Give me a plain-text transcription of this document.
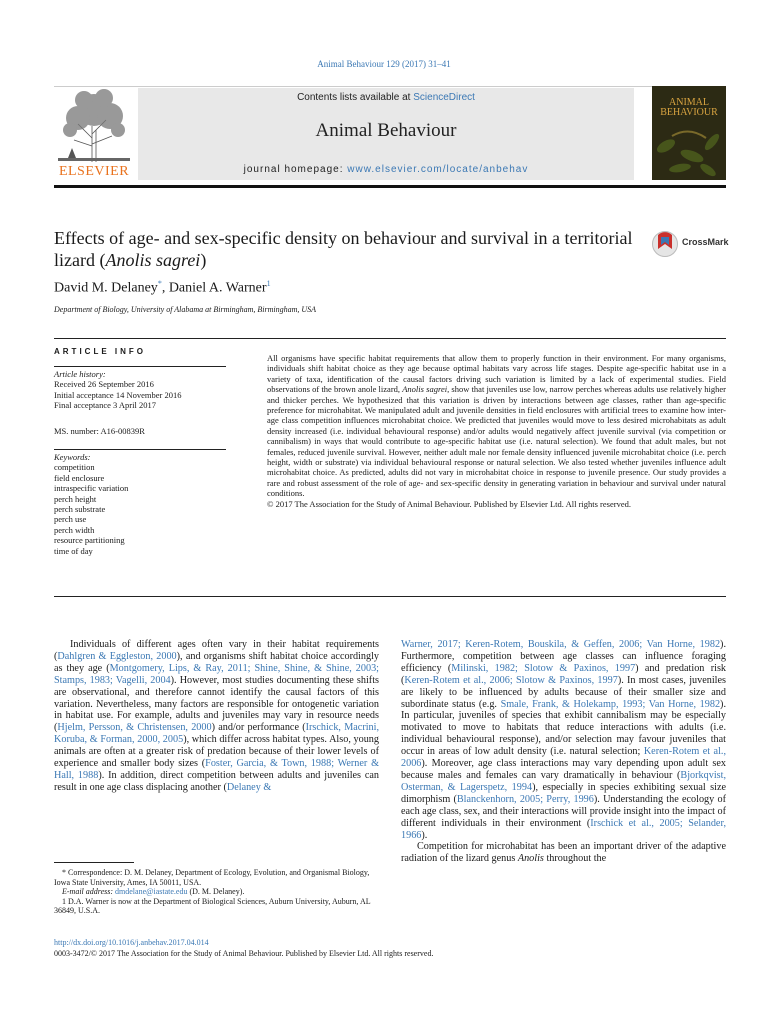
Animal Behaviour 129 (2017) 31–41
ELSEVIER
Contents lists available at ScienceDirect
Animal Behaviour
journal homepage: www.elsevier.com/locate/anbehav
ANIMAL BEHAVIOUR
Effects of age- and sex-specific density on behaviour and survival in a territorial lizard (Anolis sagrei)
CrossMark
David M. Delaney*, Daniel A. Warner$^1$
Department of Biology, University of Alabama at Birmingham, Birmingham, USA
ARTICLE INFO
Article history:
Received 26 September 2016
Initial acceptance 14 November 2016
Final acceptance 3 April 2017
MS. number: A16-00839R
Keywords:
competition
field enclosure
intraspecific variation
perch height
perch substrate
perch use
perch width
resource partitioning
time of day
All organisms have specific habitat requirements that allow them to properly function in their environment. For many organisms, individuals shift habitat choice as they age because optimal habitats vary across life stages. Despite age-specific habitat use in a variety of taxa, identification of the causal factors driving such variation is limited by a lack of experimental studies. Field observations of the brown anole lizard, Anolis sagrei, show that juveniles use low, narrow perches whereas adults use relatively higher and thicker perches. We hypothesized that this variation is driven by interactions between age classes, rather than age-specific preference for microhabitat. We manipulated adult and juvenile densities in field enclosures with artificial trees to examine how inter-age class competition influences microhabitat choice. We predicted that juveniles would move to less desired microhabitats as adult density increased (i.e. individual behavioural response) and/or adults would negatively affect juvenile survival (via competition or cannibalism) in ways that would contribute to age-specific habitat use (i.e. natural selection). We found that adult males, but not females, reduced juvenile survival. However, neither adult male nor female density influenced juvenile microhabitat choice (i.e. perch height, width or substrate) via individual behavioural response or natural selection. We also tested whether juveniles influence adult microhabitat choice. As predicted, adults did not vary in microhabitat choice in response to juvenile presence. Our study provides a rare and robust assessment of the role of age- and sex-specific density in generating variation in behaviour and survival under natural conditions.
© 2017 The Association for the Study of Animal Behaviour. Published by Elsevier Ltd. All rights reserved.

Individuals of different ages often vary in their habitat requirements (Dahlgren & Eggleston, 2000), and organisms shift habitat choice accordingly as they age (Montgomery, Lips, & Ray, 2011; Shine, Shine, & Shine, 2003; Stamps, 1983; Vagelli, 2004). However, most studies documenting these shifts are observational, and therefore cannot identify the causal factors of this variation. Nevertheless, many factors are responsible for ontogenetic variation in habitat use. For example, adults and juveniles may vary in resource needs (Hjelm, Persson, & Christensen, 2000) and/or performance (Irschick, Macrini, Koruba, & Forman, 2000, 2005), which differ across habitat types. Also, young animals are often at a greater risk of predation because of their lower levels of experience and smaller body sizes (Foster, Garcia, & Town, 1988; Werner & Hall, 1988). In addition, direct competition between adults and juveniles can result in one age class displacing another (Delaney &

Warner, 2017; Keren-Rotem, Bouskila, & Geffen, 2006; Van Horne, 1982). Furthermore, competition between age classes can influence foraging efficiency (Milinski, 1982; Slotow & Paxinos, 1997) and predation risk (Keren-Rotem et al., 2006; Slotow & Paxinos, 1997). In most cases, juveniles are likely to be influenced by adults because of their smaller size and subordinate status (e.g. Smale, Frank, & Holekamp, 1993; Van Horne, 1982). In particular, juveniles of species that exhibit cannibalism may be especially motivated to move to habitats that reduce interactions with adults (i.e. individual behavioural response), and/or selection may favour juveniles that occur in areas of low adult density (i.e. natural selection; Keren-Rotem et al., 2006). Moreover, age class interactions may vary depending upon adult sex because males and females can vary dramatically in behaviour (Bjorkqvist, Osterman, & Lagerspetz, 1994), especially in species exhibiting sexual size dimorphism (Blanckenhorn, 2005; Perry, 1996). Understanding the ecology of each age class, sex, and their interactions will provide insight into the impact of different individuals in their environment (Irschick et al., 2005; Selander, 1966).

Competition for microhabitat has been an important driver of the adaptive radiation of the lizard genus Anolis throughout the

* Correspondence: D. M. Delaney, Department of Ecology, Evolution, and Organismal Biology, Iowa State University, Ames, IA 50011, USA.

E-mail address: dmdelane@iastate.edu (D. M. Delaney).

1 D.A. Warner is now at the Department of Biological Sciences, Auburn University, Auburn, AL 36849, U.S.A.

http://dx.doi.org/10.1016/j.anbehav.2017.04.014
0003-3472/© 2017 The Association for the Study of Animal Behaviour. Published by Elsevier Ltd. All rights reserved.
